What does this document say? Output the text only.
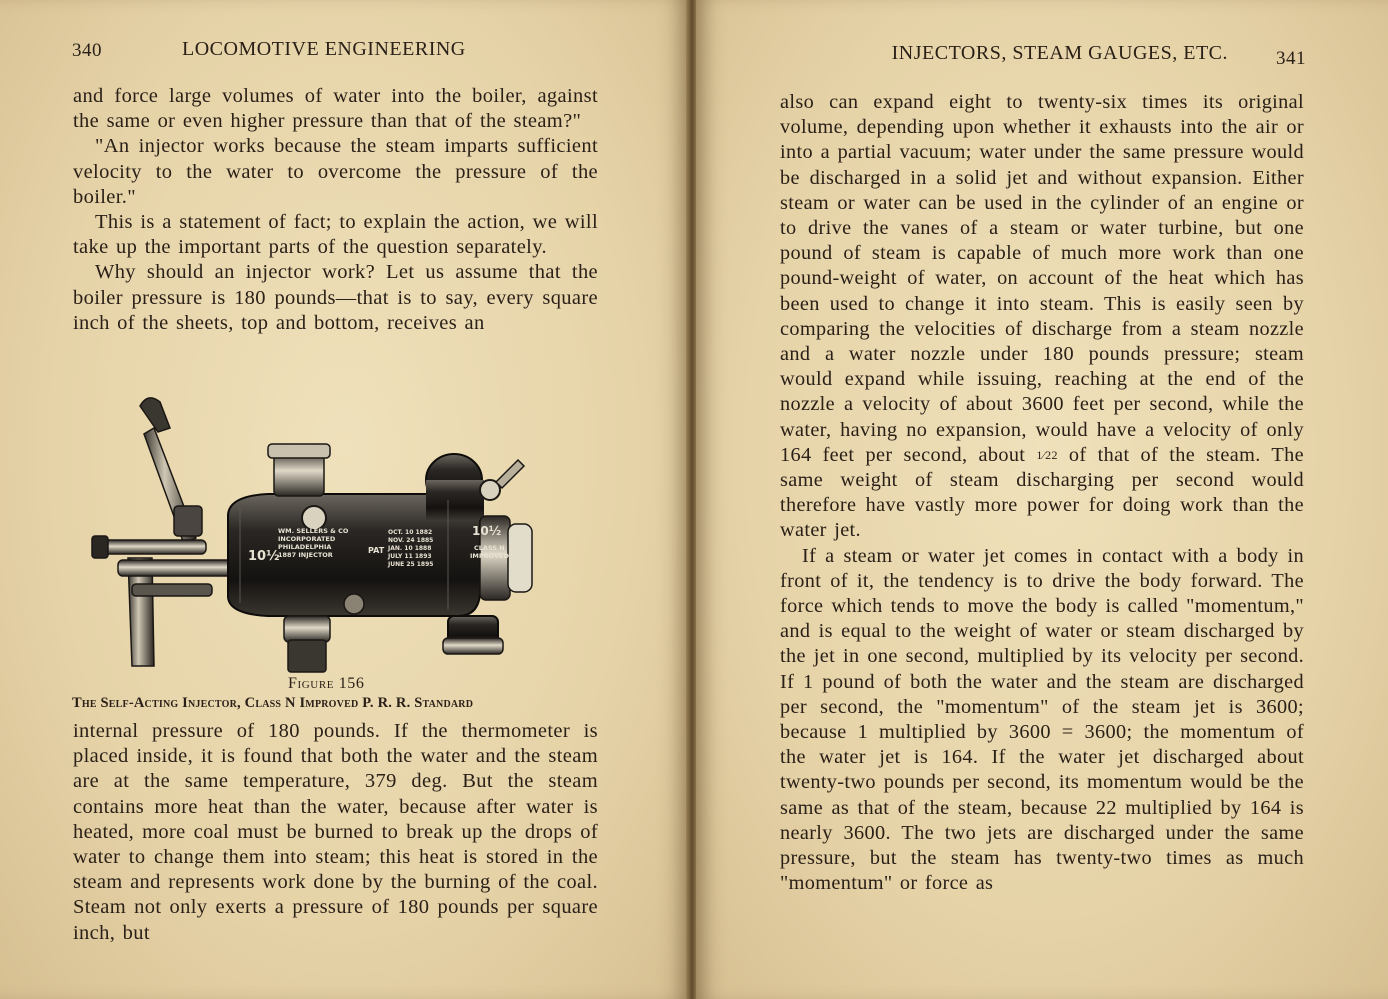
340	LOCOMOTIVE ENGINEERING

and force large volumes of water into the boiler, against the same or even higher pressure than that of the steam?"

"An injector works because the steam imparts sufficient velocity to the water to overcome the pressure of the boiler."

This is a statement of fact; to explain the action, we will take up the important parts of the question separately.

Why should an injector work? Let us assume that the boiler pressure is 180 pounds—that is to say, every square inch of the sheets, top and bottom, receives an

10½
WM. SELLERS & CO
INCORPORATED
PHILADELPHIA
1887 INJECTOR	PAT
OCT. 10 1882
NOV. 24 1885
JAN. 10 1888
JULY 11 1893
JUNE 25 1895
10½
CLASS N
IMPROVED
Figure 156
The Self-Acting Injector, Class N Improved P. R. R. Standard

internal pressure of 180 pounds. If the thermometer is placed inside, it is found that both the water and the steam are at the same temperature, 379 deg. But the steam contains more heat than the water, because after water is heated, more coal must be burned to break up the drops of water to change them into steam; this heat is stored in the steam and represents work done by the burning of the coal. Steam not only exerts a pressure of 180 pounds per square inch, but

INJECTORS, STEAM GAUGES, ETC.	341

also can expand eight to twenty-six times its original volume, depending upon whether it exhausts into the air or into a partial vacuum; water under the same pressure would be discharged in a solid jet and without expansion. Either steam or water can be used in the cylinder of an engine or to drive the vanes of a steam or water turbine, but one pound of steam is capable of much more work than one pound-weight of water, on account of the heat which has been used to change it into steam. This is easily seen by comparing the velocities of discharge from a steam nozzle and a water nozzle under 180 pounds pressure; steam would expand while issuing, reaching at the end of the nozzle a velocity of about 3600 feet per second, while the water, having no expansion, would have a velocity of only 164 feet per second, about 1⁄22 of that of the steam. The same weight of steam discharging per second would therefore have vastly more power for doing work than the water jet.

If a steam or water jet comes in contact with a body in front of it, the tendency is to drive the body forward. The force which tends to move the body is called "momentum," and is equal to the weight of water or steam discharged by the jet in one second, multiplied by its velocity per second. If 1 pound of both the water and the steam are discharged per second, the "momentum" of the steam jet is 3600; because 1 multiplied by 3600 = 3600; the momentum of the water jet is 164. If the water jet discharged about twenty-two pounds per second, its momentum would be the same as that of the steam, because 22 multiplied by 164 is nearly 3600. The two jets are discharged under the same pressure, but the steam has twenty-two times as much "momentum" or force as
